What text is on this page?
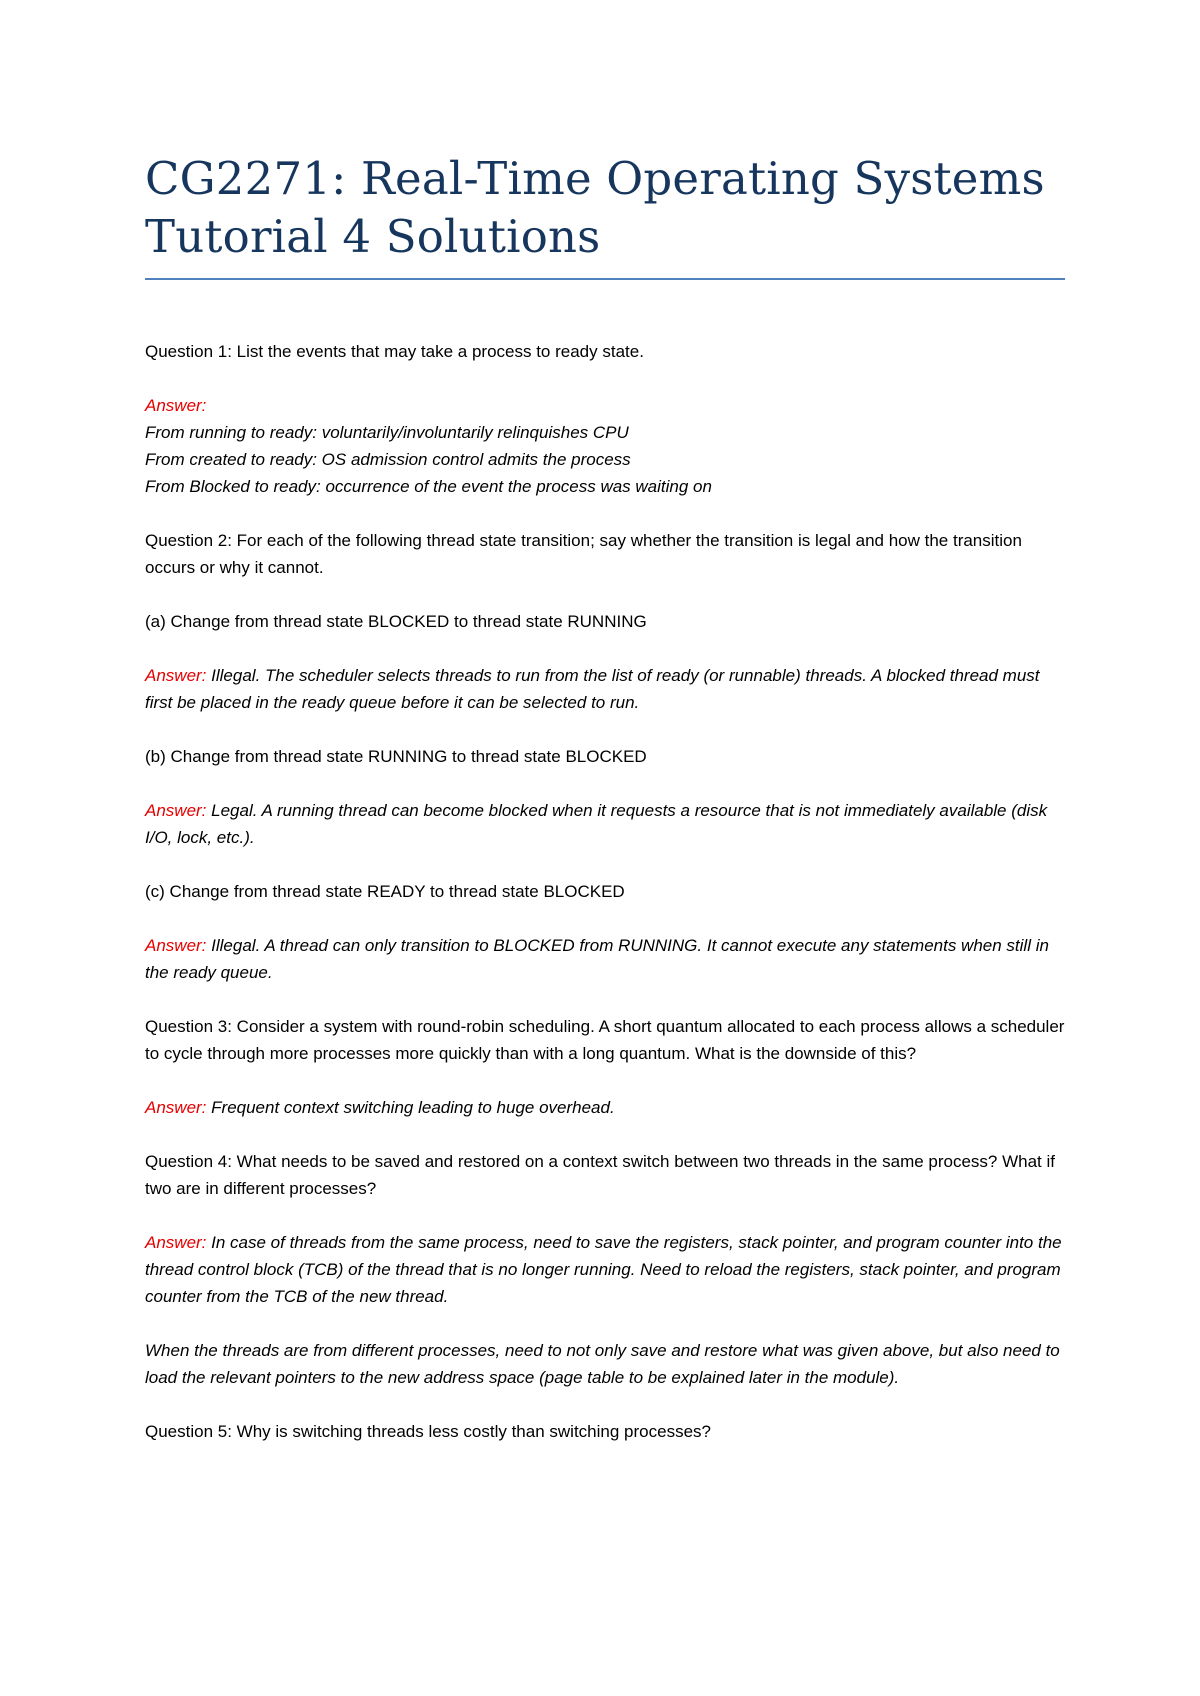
CG2271: Real-Time Operating Systems
Tutorial 4 Solutions

Question 1: List the events that may take a process to ready state.

Answer:
From running to ready: voluntarily/involuntarily relinquishes CPU
From created to ready: OS admission control admits the process
From Blocked to ready: occurrence of the event the process was waiting on

Question 2: For each of the following thread state transition; say whether the transition is legal and how the transition occurs or why it cannot.

(a) Change from thread state BLOCKED to thread state RUNNING

Answer: Illegal. The scheduler selects threads to run from the list of ready (or runnable) threads. A blocked thread must first be placed in the ready queue before it can be selected to run.

(b) Change from thread state RUNNING to thread state BLOCKED

Answer: Legal. A running thread can become blocked when it requests a resource that is not immediately available (disk I/O, lock, etc.).

(c) Change from thread state READY to thread state BLOCKED

Answer: Illegal. A thread can only transition to BLOCKED from RUNNING. It cannot execute any statements when still in the ready queue.

Question 3: Consider a system with round-robin scheduling. A short quantum allocated to each process allows a scheduler to cycle through more processes more quickly than with a long quantum. What is the downside of this?

Answer: Frequent context switching leading to huge overhead.

Question 4: What needs to be saved and restored on a context switch between two threads in the same process? What if two are in different processes?

Answer: In case of threads from the same process, need to save the registers, stack pointer, and program counter into the thread control block (TCB) of the thread that is no longer running. Need to reload the registers, stack pointer, and program counter from the TCB of the new thread.

When the threads are from different processes, need to not only save and restore what was given above, but also need to load the relevant pointers to the new address space (page table to be explained later in the module).

Question 5: Why is switching threads less costly than switching processes?
